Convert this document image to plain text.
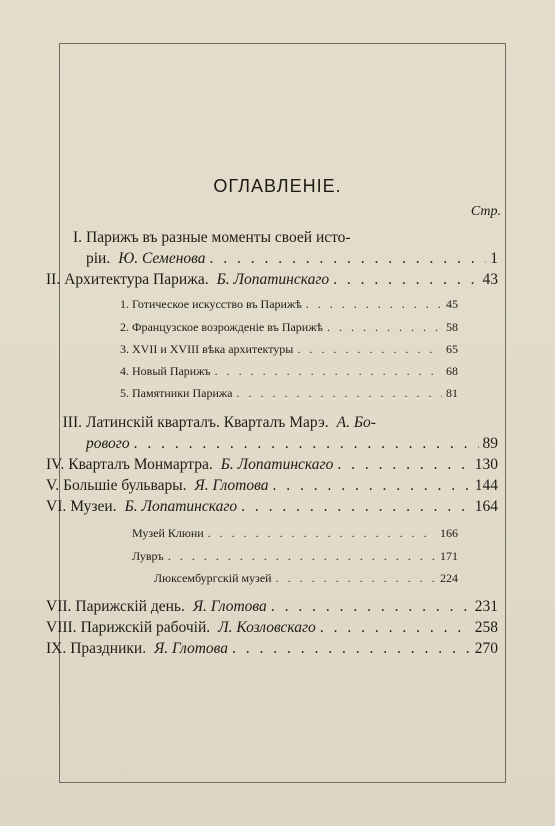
ОГЛАВЛЕНІЕ.
Стр.
I. Парижъ въ разные моменты своей исто-
ріи. Ю. Семенова . . .	1
II. Архитектура Парижа. Б. Лопатинскаго . . .	43
1. Готическое искусство въ Парижѣ . . .	45
2. Французское возрожденіе въ Парижѣ . . .	58
3. XVII и XVIII вѣка архитектуры . . .	65
4. Новый Парижъ . . .	68
5. Памятники Парижа . . .	81
III. Латинскій кварталъ. Кварталъ Марэ. А. Бо-
рового . . .	89
IV. Кварталъ Монмартра. Б. Лопатинскаго . . .	130
V. Большіе бульвары. Я. Глотова . . .	144
VI. Музеи. Б. Лопатинскаго . . .	164
Музей Клюни . . .	166
Лувръ . . .	171
Люксембургскій музей . . .	224
VII. Парижскій день. Я. Глотова . . .	231
VIII. Парижскій рабочій. Л. Козловскаго . . .	258
IX. Праздники. Я. Глотова . . .	270
